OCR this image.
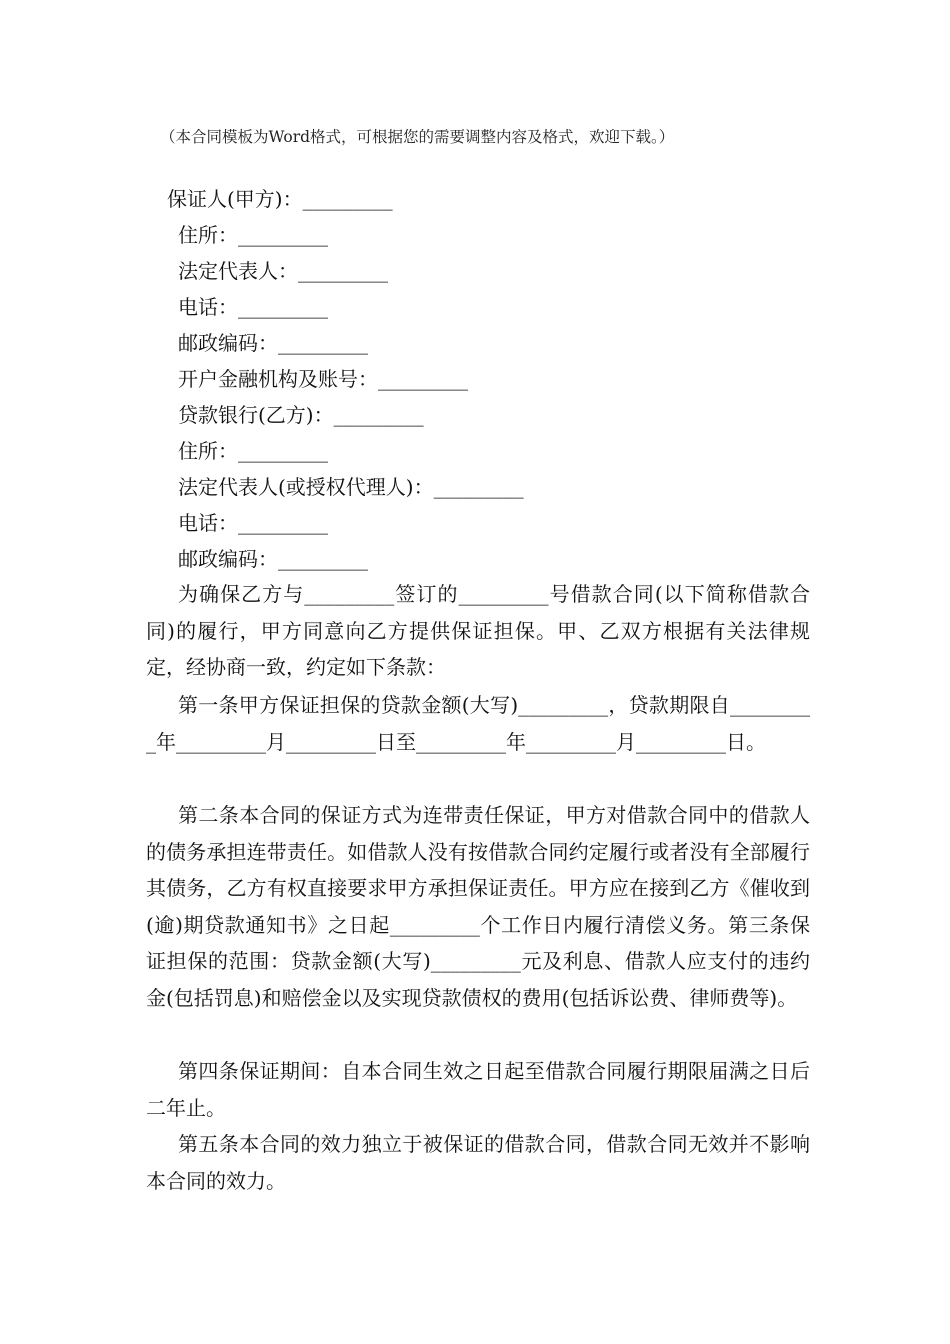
（本合同模板为Word格式，可根据您的需要调整内容及格式，欢迎下载。）
保证人(甲方)：_________
住所：_________
法定代表人：_________
电话：_________
邮政编码：_________
开户金融机构及账号：_________
贷款银行(乙方)：_________
住所：_________
法定代表人(或授权代理人)：_________
电话：_________
邮政编码：_________

为确保乙方与_________签订的_________号借款合同(以下简称借款合同)的履行，甲方同意向乙方提供保证担保。甲、乙双方根据有关法律规定，经协商一致，约定如下条款：

第一条甲方保证担保的贷款金额(大写)_________，贷款期限自_________年_________月_________日至_________年_________月_________日。

第二条本合同的保证方式为连带责任保证，甲方对借款合同中的借款人的债务承担连带责任。如借款人没有按借款合同约定履行或者没有全部履行其债务，乙方有权直接要求甲方承担保证责任。甲方应在接到乙方《催收到(逾)期贷款通知书》之日起_________个工作日内履行清偿义务。第三条保证担保的范围：贷款金额(大写)_________元及利息、借款人应支付的违约金(包括罚息)和赔偿金以及实现贷款债权的费用(包括诉讼费、律师费等)。

第四条保证期间：自本合同生效之日起至借款合同履行期限届满之日后二年止。

第五条本合同的效力独立于被保证的借款合同，借款合同无效并不影响本合同的效力。
